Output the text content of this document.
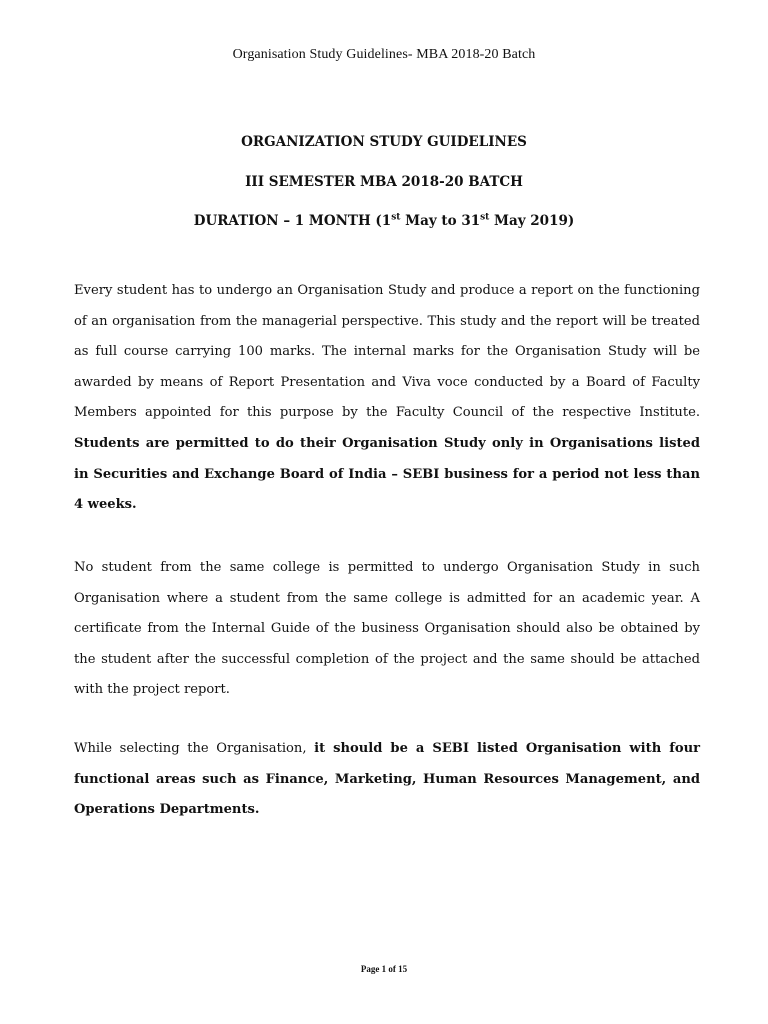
Organisation Study Guidelines- MBA 2018-20 Batch
ORGANIZATION STUDY GUIDELINES
III SEMESTER MBA 2018-20 BATCH
DURATION – 1 MONTH (1st May to 31st May 2019)

Every student has to undergo an Organisation Study and produce a report on the functioning of an organisation from the managerial perspective. This study and the report will be treated as full course carrying 100 marks. The internal marks for the Organisation Study will be awarded by means of Report Presentation and Viva voce conducted by a Board of Faculty Members appointed for this purpose by the Faculty Council of the respective Institute. Students are permitted to do their Organisation Study only in Organisations listed in Securities and Exchange Board of India – SEBI business for a period not less than 4 weeks.

No student from the same college is permitted to undergo Organisation Study in such Organisation where a student from the same college is admitted for an academic year. A certificate from the Internal Guide of the business Organisation should also be obtained by the student after the successful completion of the project and the same should be attached with the project report.

While selecting the Organisation, it should be a SEBI listed Organisation with four functional areas such as Finance, Marketing, Human Resources Management, and Operations Departments.

Page 1 of 15
